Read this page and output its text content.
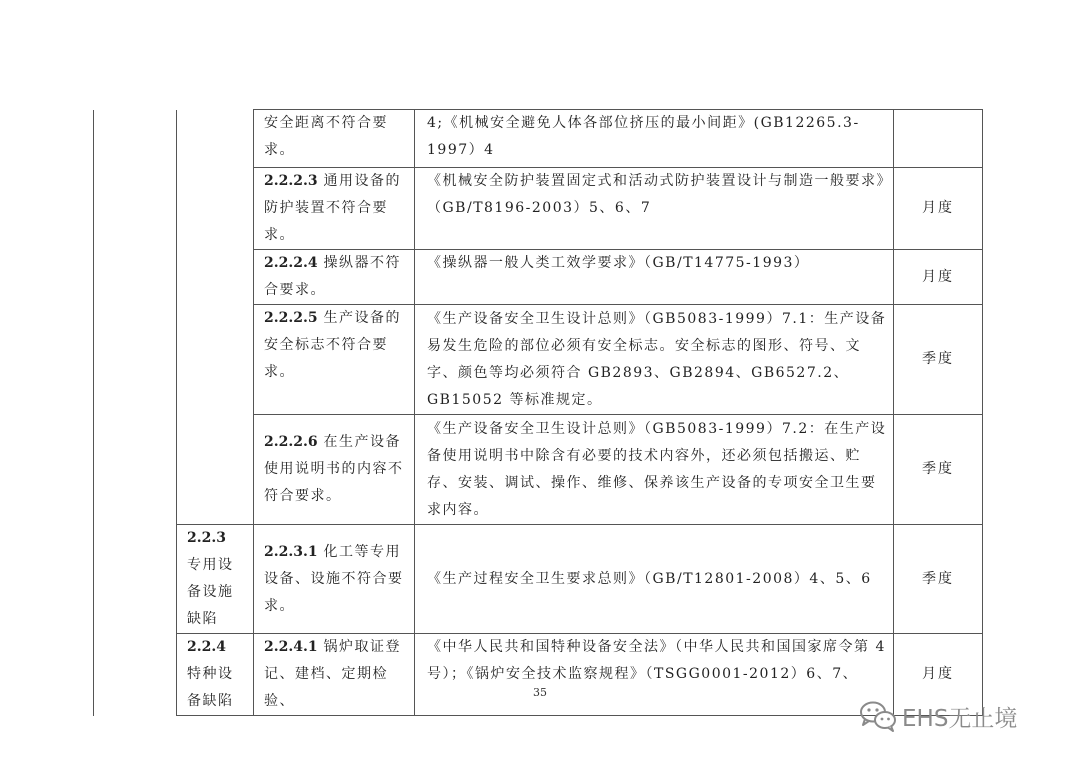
		安全距离不符合要求。	4;《机械安全避免人体各部位挤压的最小间距》(GB12265.3-1997）4	
		2.2.2.3 通用设备的防护装置不符合要求。	《机械安全防护装置固定式和活动式防护装置设计与制造一般要求》（GB/T8196-2003）5、6、7	月度
		2.2.2.4 操纵器不符合要求。	《操纵器一般人类工效学要求》（GB/T14775-1993）	月度
		2.2.2.5 生产设备的安全标志不符合要求。	《生产设备安全卫生设计总则》（GB5083-1999）7.1：生产设备易发生危险的部位必须有安全标志。安全标志的图形、符号、文字、颜色等均必须符合 GB2893、GB2894、GB6527.2、GB15052 等标准规定。	季度
		2.2.2.6 在生产设备使用说明书的内容不符合要求。	《生产设备安全卫生设计总则》（GB5083-1999）7.2：在生产设备使用说明书中除含有必要的技术内容外，还必须包括搬运、贮存、安装、调试、操作、维修、保养该生产设备的专项安全卫生要求内容。	季度
	2.2.3 专用设备设施缺陷	2.2.3.1 化工等专用设备、设施不符合要求。	《生产过程安全卫生要求总则》（GB/T12801-2008）4、5、6	季度
	2.2.4 特种设备缺陷	2.2.4.1 锅炉取证登记、建档、定期检验、	《中华人民共和国特种设备安全法》（中华人民共和国国家席令第 4 号）；《锅炉安全技术监察规程》（TSGG0001-2012）6、7、	月度
35
EHS无止境
